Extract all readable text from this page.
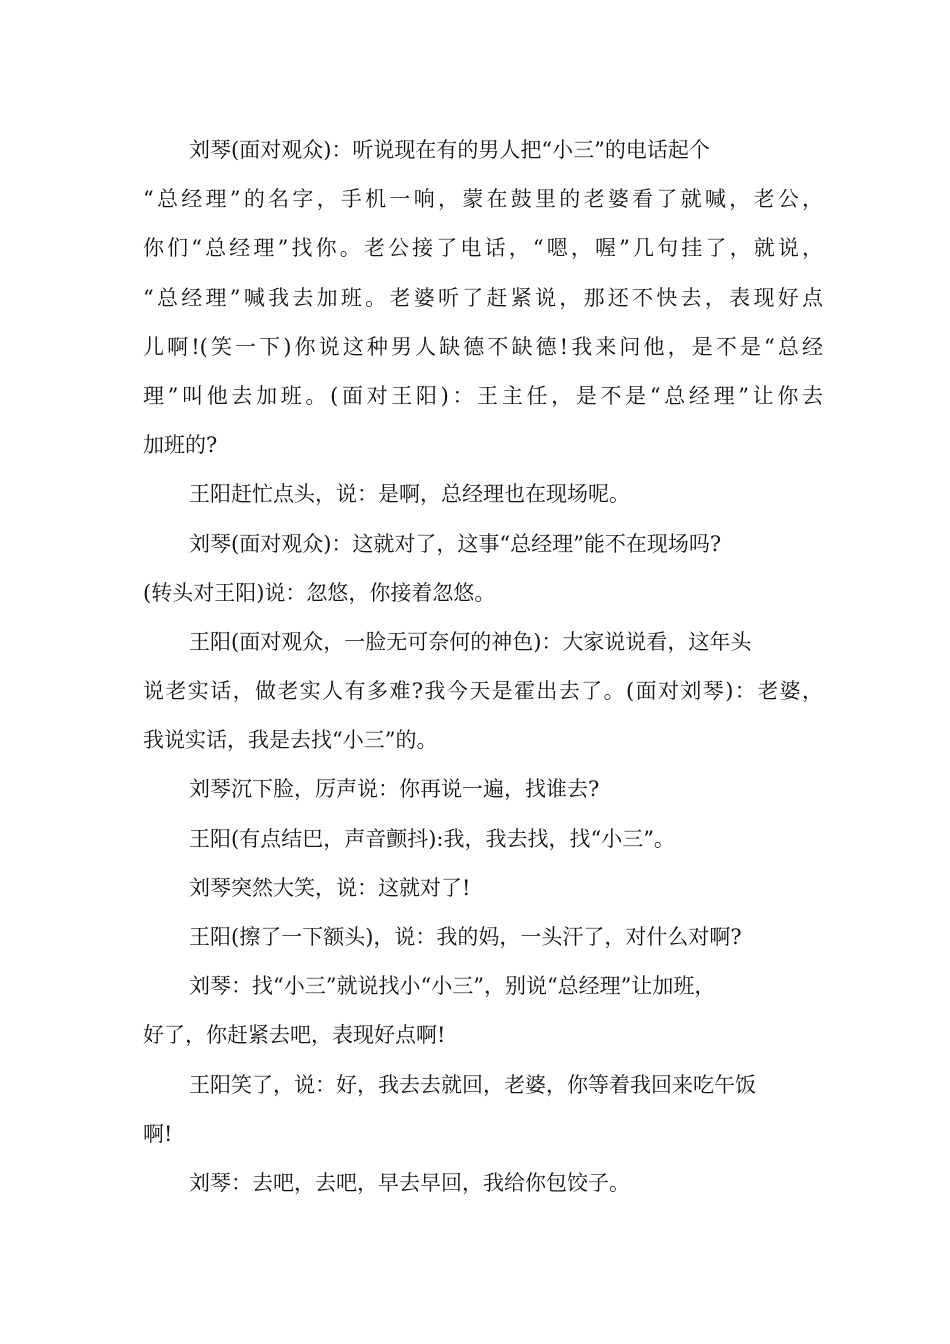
刘琴(面对观众)：听说现在有的男人把“小三”的电话起个
“总经理”的名字，手机一响，蒙在鼓里的老婆看了就喊，老公，
你们“总经理”找你。老公接了电话，“嗯，喔”几句挂了，就说，
“总经理”喊我去加班。老婆听了赶紧说，那还不快去，表现好点
儿啊!(笑一下)你说这种男人缺德不缺德!我来问他，是不是“总经
理”叫他去加班。(面对王阳)：王主任，是不是“总经理”让你去
加班的?
王阳赶忙点头，说：是啊，总经理也在现场呢。
刘琴(面对观众)：这就对了，这事“总经理”能不在现场吗?
(转头对王阳)说：忽悠，你接着忽悠。
王阳(面对观众，一脸无可奈何的神色)：大家说说看，这年头
说老实话，做老实人有多难?我今天是霍出去了。(面对刘琴)：老婆，
我说实话，我是去找“小三”的。
刘琴沉下脸，厉声说：你再说一遍，找谁去?
王阳(有点结巴，声音颤抖):我，我去找，找“小三”。
刘琴突然大笑，说：这就对了!
王阳(擦了一下额头)，说：我的妈，一头汗了，对什么对啊?
刘琴：找“小三”就说找小“小三”，别说“总经理”让加班，
好了，你赶紧去吧，表现好点啊!
王阳笑了，说：好，我去去就回，老婆，你等着我回来吃午饭
啊!
刘琴：去吧，去吧，早去早回，我给你包饺子。
